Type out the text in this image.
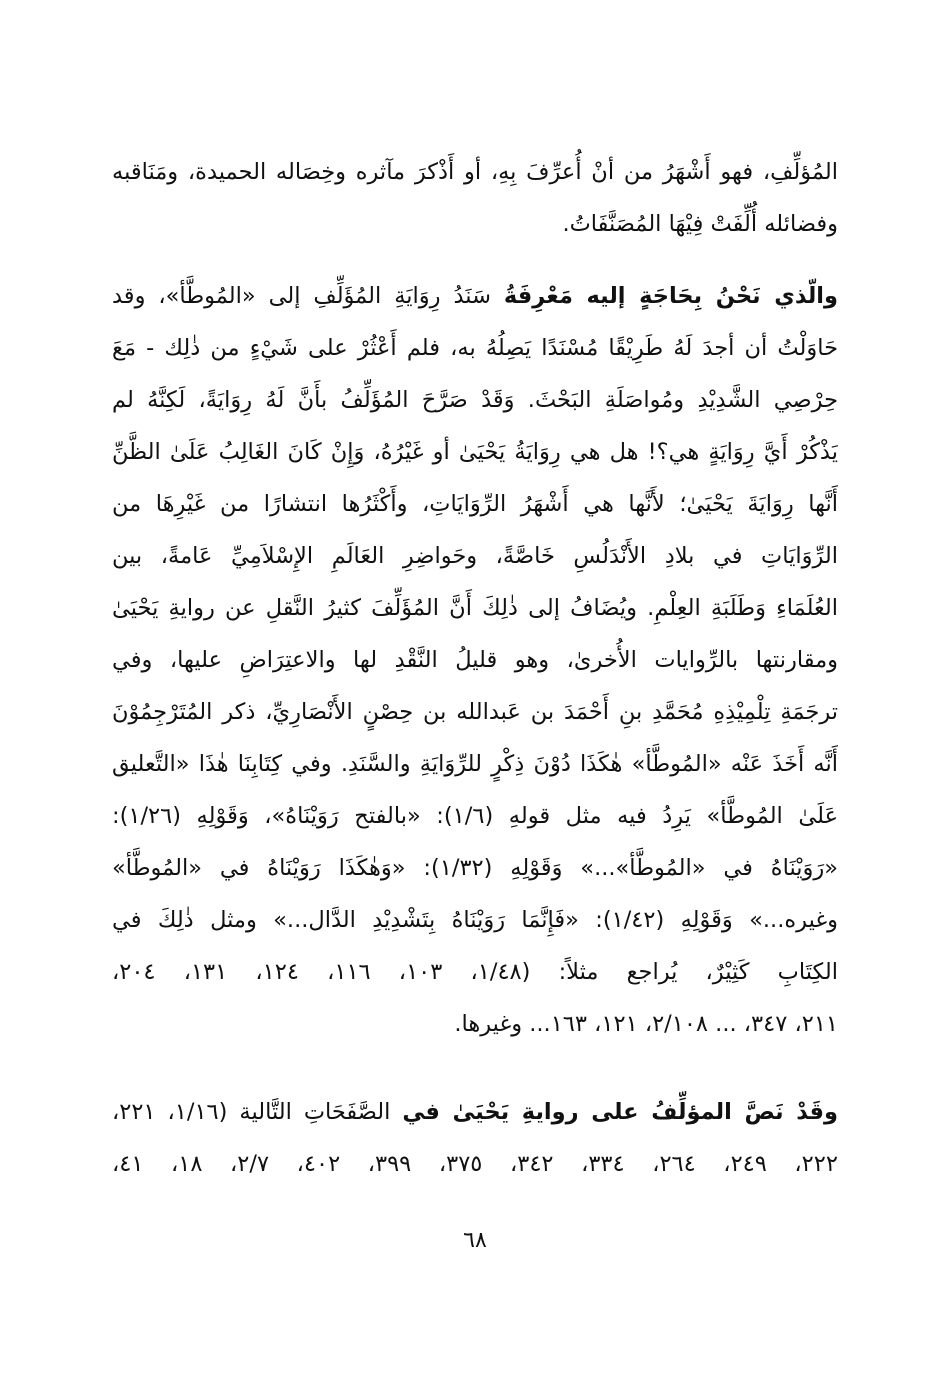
المُؤلِّفِ، فهو أَشْهَرُ من أنْ أُعرِّفَ بِهِ، أو أَذْكرَ مآثره وخِصَاله الحميدة، ومَنَاقبه
وفضائله أُلِّفَتْ فِيْهَا المُصَنَّفَاتُ.
والّذي نَحْنُ بِحَاجَةٍ إليه مَعْرِفَةُ سَنَدُ رِوَايَةِ المُؤَلِّفِ إلى «المُوطَّأ»، وقد
حَاوَلْتُ أن أجدَ لَهُ طَرِيْقًا مُسْنَدًا يَصِلُهُ به، فلم أَعْثُرْ على شَيْءٍ من ذٰلِك - مَعَ
حِرْصِي الشَّدِيْدِ ومُواصَلَةِ البَحْثَ. وَقَدْ صَرَّحَ المُؤَلِّفُ بأَنَّ لَهُ رِوَايَةً، لَكِنَّهُ لم
يَذْكُرْ أَيَّ رِوَايَةٍ هي؟! هل هي رِوَايَةُ يَحْيَىٰ أو غَيْرُهُ، وَإِنْ كَانَ الغَالِبُ عَلَىٰ الظَّنِّ
أَنَّها رِوَايَةَ يَحْيَىٰ؛ لأَنَّها هي أَشْهَرُ الرِّوَايَاتِ، وأَكْثَرُها انتشارًا من غَيْرِهَا من
الرِّوَايَاتِ في بلادِ الأَنْدَلُسِ خَاصَّةً، وحَواضِرِ العَالَمِ الإِسْلاَمِيِّ عَامةً، بين
العُلَمَاءِ وَطَلَبَةِ العِلْمِ. ويُضَافُ إلى ذٰلِكَ أَنَّ المُؤَلِّفَ كثيرُ النَّقلِ عن روايةِ يَحْيَىٰ
ومقارنتها بالرِّوايات الأُخرىٰ، وهو قليلُ النَّقْدِ لها والاعتِرَاضِ عليها، وفي
ترجَمَةِ تِلْمِيْذِهِ مُحَمَّدِ بنِ أَحْمَدَ بن عَبدالله بن حِصْنٍ الأَنْصَارِيِّ، ذكر المُتَرْجِمُوْنَ
أَنَّه أَخَذَ عَنْه «المُوطَّأ» هٰكَذَا دُوْنَ ذِكْرٍ للرِّوَايَةِ والسَّنَدِ. وفي كِتَابِنَا هٰذَا «التَّعليق
عَلَىٰ المُوطَّأ» يَرِدُ فيه مثل قولهِ (١/٦): «بالفتح رَوَيْنَاهُ»، وَقَوْلِهِ (١/٢٦):
«رَوَيْنَاهُ في «المُوطَّأ»...» وَقَوْلِهِ (١/٣٢): «وَهٰكَذَا رَوَيْنَاهُ في «المُوطَّأ»
وغيره...» وَقَوْلِهِ (١/٤٢): «فَإِنَّمَا رَوَيْنَاهُ بِتَشْدِيْدِ الدَّال...» ومثل ذٰلِكَ في
الكِتَابِ كَثِيْرٌ، يُراجع مثلاً: (١/٤٨، ١٠٣، ١١٦، ١٢٤، ١٣١، ٢٠٤،
٢١١، ٣٤٧، ... ٢/١٠٨، ١٢١، ١٦٣... وغيرها.
وقَدْ نَصَّ المؤلِّفُ على روايةِ يَحْيَىٰ في الصَّفَحَاتِ التَّالية (١/١٦، ٢٢١،
٢٢٢، ٢٤٩، ٢٦٤، ٣٣٤، ٣٤٢، ٣٧٥، ٣٩٩، ٤٠٢، ٢/٧، ١٨، ٤١،
٦٨
